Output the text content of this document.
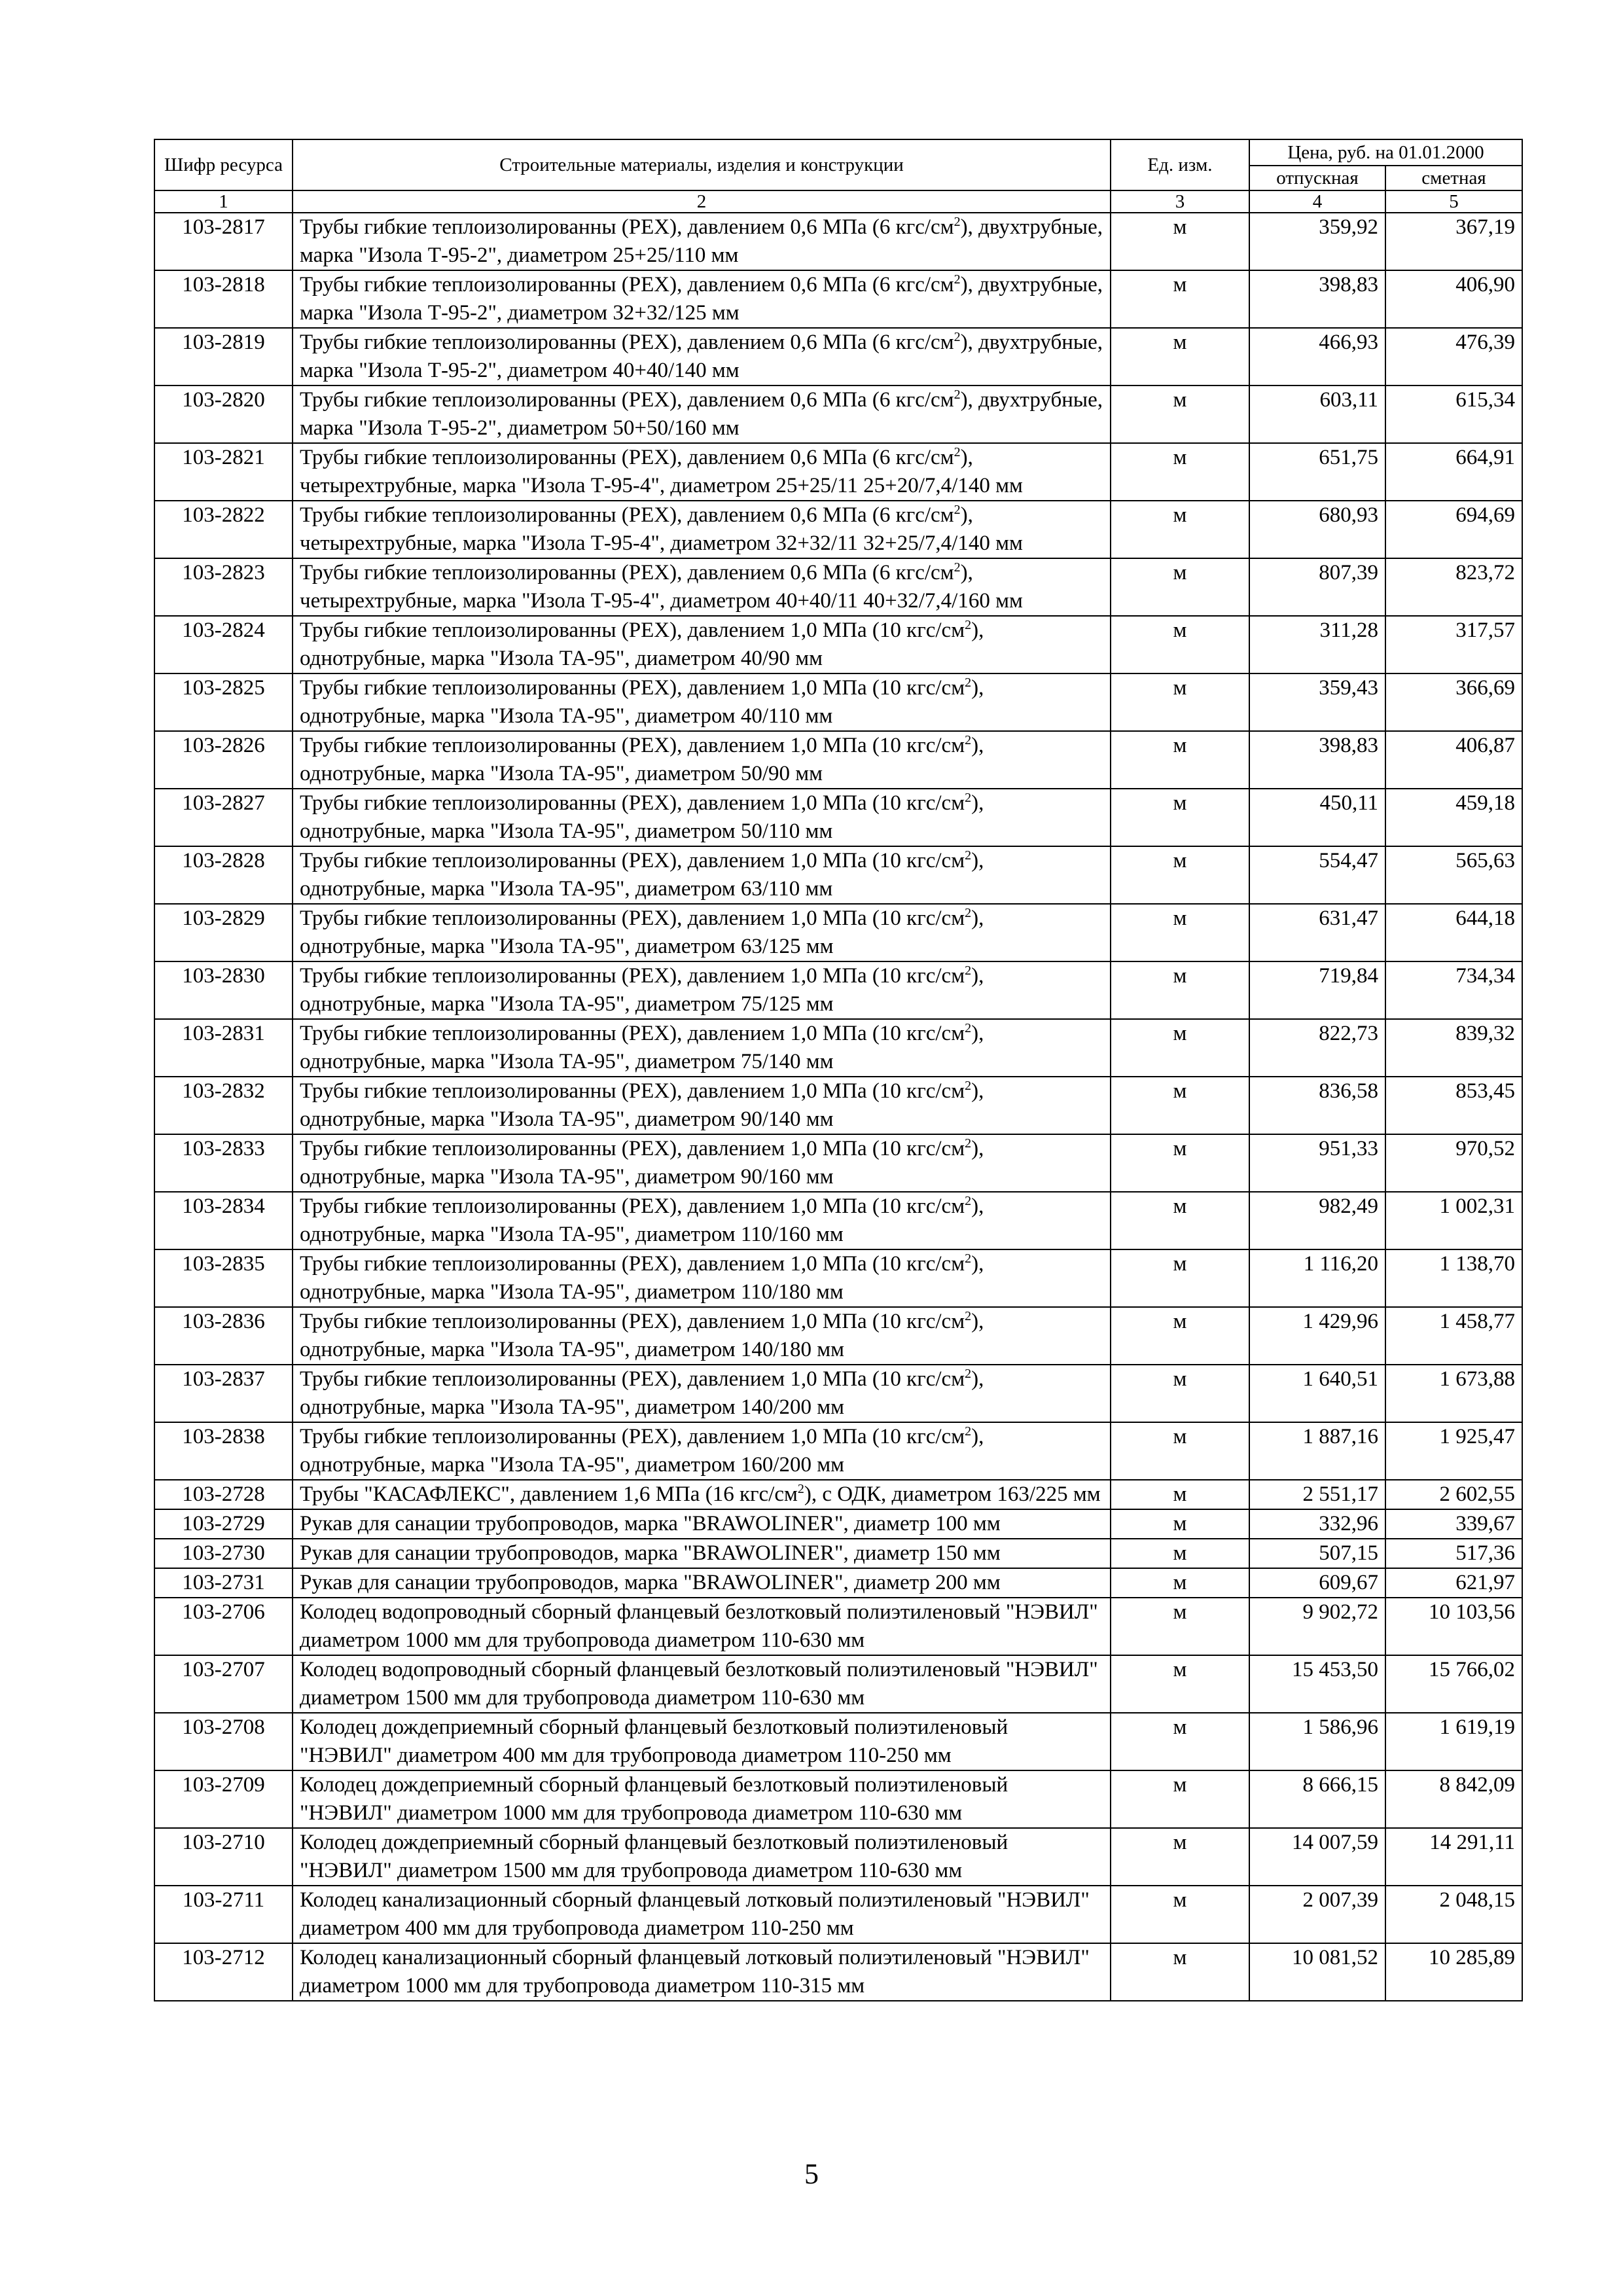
Шифр ресурса	Строительные материалы, изделия и конструкции	Ед. изм.	Цена, руб. на 01.01.2000	
			отпускная	сметная
1	2	3	4	5
103-2817	Трубы гибкие теплоизолированны (PEX), давлением 0,6 МПа (6 кгс/$см^2$), двухтрубные, марка "Изола Т-95-2", диаметром 25+25/110 мм	м	359,92	367,19
103-2818	Трубы гибкие теплоизолированны (PEX), давлением 0,6 МПа (6 кгс/$см^2$), двухтрубные, марка "Изола Т-95-2", диаметром 32+32/125 мм	м	398,83	406,90
103-2819	Трубы гибкие теплоизолированны (PEX), давлением 0,6 МПа (6 кгс/$см^2$), двухтрубные, марка "Изола Т-95-2", диаметром 40+40/140 мм	м	466,93	476,39
103-2820	Трубы гибкие теплоизолированны (PEX), давлением 0,6 МПа (6 кгс/$см^2$), двухтрубные, марка "Изола Т-95-2", диаметром 50+50/160 мм	м	603,11	615,34
103-2821	Трубы гибкие теплоизолированны (PEX), давлением 0,6 МПа (6 кгс/$см^2$), четырехтрубные, марка "Изола Т-95-4", диаметром 25+25/11 25+20/7,4/140 мм	м	651,75	664,91
103-2822	Трубы гибкие теплоизолированны (PEX), давлением 0,6 МПа (6 кгс/$см^2$), четырехтрубные, марка "Изола Т-95-4", диаметром 32+32/11 32+25/7,4/140 мм	м	680,93	694,69
103-2823	Трубы гибкие теплоизолированны (PEX), давлением 0,6 МПа (6 кгс/$см^2$), четырехтрубные, марка "Изола Т-95-4", диаметром 40+40/11 40+32/7,4/160 мм	м	807,39	823,72
103-2824	Трубы гибкие теплоизолированны (PEX), давлением 1,0 МПа (10 кгс/$см^2$), однотрубные, марка "Изола ТА-95", диаметром 40/90 мм	м	311,28	317,57
103-2825	Трубы гибкие теплоизолированны (PEX), давлением 1,0 МПа (10 кгс/$см^2$), однотрубные, марка "Изола ТА-95", диаметром 40/110 мм	м	359,43	366,69
103-2826	Трубы гибкие теплоизолированны (PEX), давлением 1,0 МПа (10 кгс/$см^2$), однотрубные, марка "Изола ТА-95", диаметром 50/90 мм	м	398,83	406,87
103-2827	Трубы гибкие теплоизолированны (PEX), давлением 1,0 МПа (10 кгс/$см^2$), однотрубные, марка "Изола ТА-95", диаметром 50/110 мм	м	450,11	459,18
103-2828	Трубы гибкие теплоизолированны (PEX), давлением 1,0 МПа (10 кгс/$см^2$), однотрубные, марка "Изола ТА-95", диаметром 63/110 мм	м	554,47	565,63
103-2829	Трубы гибкие теплоизолированны (PEX), давлением 1,0 МПа (10 кгс/$см^2$), однотрубные, марка "Изола ТА-95", диаметром 63/125 мм	м	631,47	644,18
103-2830	Трубы гибкие теплоизолированны (PEX), давлением 1,0 МПа (10 кгс/$см^2$), однотрубные, марка "Изола ТА-95", диаметром 75/125 мм	м	719,84	734,34
103-2831	Трубы гибкие теплоизолированны (PEX), давлением 1,0 МПа (10 кгс/$см^2$), однотрубные, марка "Изола ТА-95", диаметром 75/140 мм	м	822,73	839,32
103-2832	Трубы гибкие теплоизолированны (PEX), давлением 1,0 МПа (10 кгс/$см^2$), однотрубные, марка "Изола ТА-95", диаметром 90/140 мм	м	836,58	853,45
103-2833	Трубы гибкие теплоизолированны (PEX), давлением 1,0 МПа (10 кгс/$см^2$), однотрубные, марка "Изола ТА-95", диаметром 90/160 мм	м	951,33	970,52
103-2834	Трубы гибкие теплоизолированны (PEX), давлением 1,0 МПа (10 кгс/$см^2$), однотрубные, марка "Изола ТА-95", диаметром 110/160 мм	м	982,49	1 002,31
103-2835	Трубы гибкие теплоизолированны (PEX), давлением 1,0 МПа (10 кгс/$см^2$), однотрубные, марка "Изола ТА-95", диаметром 110/180 мм	м	1 116,20	1 138,70
103-2836	Трубы гибкие теплоизолированны (PEX), давлением 1,0 МПа (10 кгс/$см^2$), однотрубные, марка "Изола ТА-95", диаметром 140/180 мм	м	1 429,96	1 458,77
103-2837	Трубы гибкие теплоизолированны (PEX), давлением 1,0 МПа (10 кгс/$см^2$), однотрубные, марка "Изола ТА-95", диаметром 140/200 мм	м	1 640,51	1 673,88
103-2838	Трубы гибкие теплоизолированны (PEX), давлением 1,0 МПа (10 кгс/$см^2$), однотрубные, марка "Изола ТА-95", диаметром 160/200 мм	м	1 887,16	1 925,47
103-2728	Трубы "КАСАФЛЕКС", давлением 1,6 МПа (16 кгс/$см^2$), с ОДК, диаметром 163/225 мм	м	2 551,17	2 602,55
103-2729	Рукав для санации трубопроводов, марка "BRAWOLINER", диаметр 100 мм	м	332,96	339,67
103-2730	Рукав для санации трубопроводов, марка "BRAWOLINER", диаметр 150 мм	м	507,15	517,36
103-2731	Рукав для санации трубопроводов, марка "BRAWOLINER", диаметр 200 мм	м	609,67	621,97
103-2706	Колодец водопроводный сборный фланцевый безлотковый полиэтиленовый "НЭВИЛ" диаметром 1000 мм для трубопровода диаметром 110-630 мм	м	9 902,72	10 103,56
103-2707	Колодец водопроводный сборный фланцевый безлотковый полиэтиленовый "НЭВИЛ" диаметром 1500 мм для трубопровода диаметром 110-630 мм	м	15 453,50	15 766,02
103-2708	Колодец дождеприемный сборный фланцевый безлотковый полиэтиленовый "НЭВИЛ" диаметром 400 мм для трубопровода диаметром 110-250 мм	м	1 586,96	1 619,19
103-2709	Колодец дождеприемный сборный фланцевый безлотковый полиэтиленовый "НЭВИЛ" диаметром 1000 мм для трубопровода диаметром 110-630 мм	м	8 666,15	8 842,09
103-2710	Колодец дождеприемный сборный фланцевый безлотковый полиэтиленовый "НЭВИЛ" диаметром 1500 мм для трубопровода диаметром 110-630 мм	м	14 007,59	14 291,11
103-2711	Колодец канализационный сборный фланцевый лотковый полиэтиленовый "НЭВИЛ" диаметром 400 мм для трубопровода диаметром 110-250 мм	м	2 007,39	2 048,15
103-2712	Колодец канализационный сборный фланцевый лотковый полиэтиленовый "НЭВИЛ" диаметром 1000 мм для трубопровода диаметром 110-315 мм	м	10 081,52	10 285,89
5
